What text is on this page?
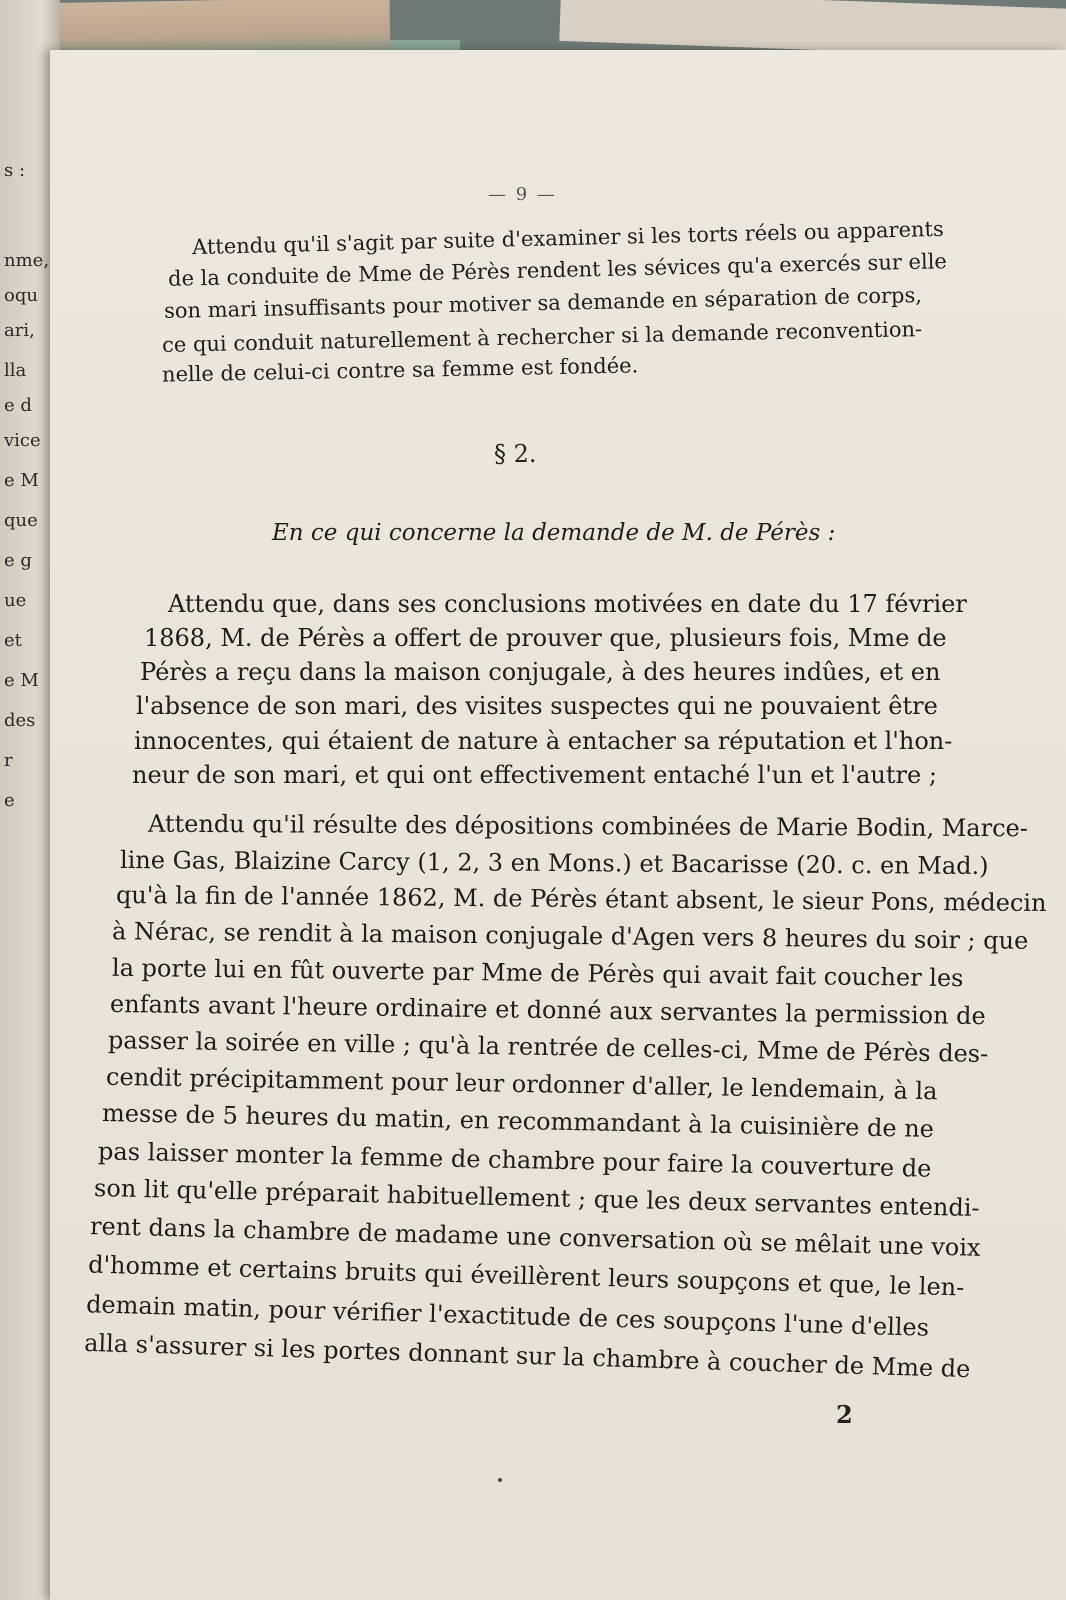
s :
nme,
oqu
ari,
lla
e d
vice
e M
que
e g
ue
et
e M
des
r
e
— 9 —
Attendu qu'il s'agit par suite d'examiner si les torts réels ou apparents
de la conduite de Mme de Pérès rendent les sévices qu'a exercés sur elle
son mari insuffisants pour motiver sa demande en séparation de corps,
ce qui conduit naturellement à rechercher si la demande reconvention-
nelle de celui-ci contre sa femme est fondée.
§ 2.
En ce qui concerne la demande de M. de Pérès :
Attendu que, dans ses conclusions motivées en date du 17 février
1868, M. de Pérès a offert de prouver que, plusieurs fois, Mme de
Pérès a reçu dans la maison conjugale, à des heures indûes, et en
l'absence de son mari, des visites suspectes qui ne pouvaient être
innocentes, qui étaient de nature à entacher sa réputation et l'hon-
neur de son mari, et qui ont effectivement entaché l'un et l'autre ;
Attendu qu'il résulte des dépositions combinées de Marie Bodin, Marce-
line Gas, Blaizine Carcy (1, 2, 3 en Mons.) et Bacarisse (20. c. en Mad.)
qu'à la fin de l'année 1862, M. de Pérès étant absent, le sieur Pons, médecin
à Nérac, se rendit à la maison conjugale d'Agen vers 8 heures du soir ; que
la porte lui en fût ouverte par Mme de Pérès qui avait fait coucher les
enfants avant l'heure ordinaire et donné aux servantes la permission de
passer la soirée en ville ; qu'à la rentrée de celles-ci, Mme de Pérès des-
cendit précipitamment pour leur ordonner d'aller, le lendemain, à la
messe de 5 heures du matin, en recommandant à la cuisinière de ne
pas laisser monter la femme de chambre pour faire la couverture de
son lit qu'elle préparait habituellement ; que les deux servantes entendi-
rent dans la chambre de madame une conversation où se mêlait une voix
d'homme et certains bruits qui éveillèrent leurs soupçons et que, le len-
demain matin, pour vérifier l'exactitude de ces soupçons l'une d'elles
alla s'assurer si les portes donnant sur la chambre à coucher de Mme de
2
